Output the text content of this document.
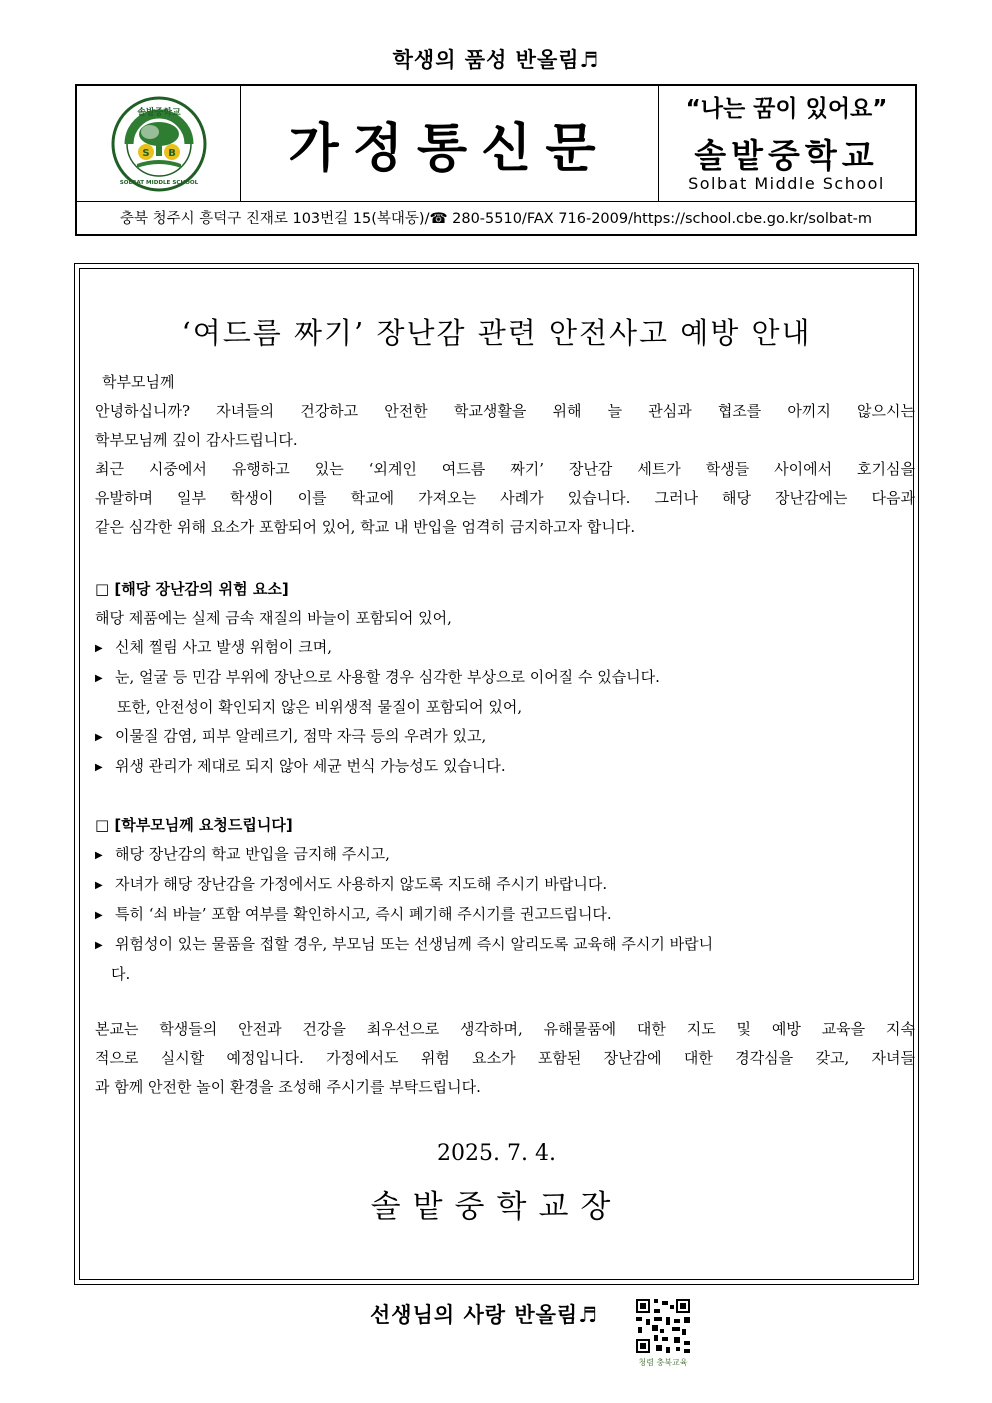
학생의 품성 반올림♬
솔밭중학교
S B
SOLBAT MIDDLE SCHOOL
가정통신문
“나는 꿈이 있어요”
솔밭중학교
Solbat Middle School
충북 청주시 흥덕구 진재로 103번길 15(복대동)/☎ 280-5510/FAX 716-2009/https://school.cbe.go.kr/solbat-m
‘여드름 짜기’ 장난감 관련 안전사고 예방 안내
학부모님께
안녕하십니까? 자녀들의 건강하고 안전한 학교생활을 위해 늘 관심과 협조를 아끼지 않으시는
학부모님께 깊이 감사드립니다.
최근 시중에서 유행하고 있는 ‘외계인 여드름 짜기’ 장난감 세트가 학생들 사이에서 호기심을
유발하며 일부 학생이 이를 학교에 가져오는 사례가 있습니다. 그러나 해당 장난감에는 다음과
같은 심각한 위해 요소가 포함되어 있어, 학교 내 반입을 엄격히 금지하고자 합니다.
□ [해당 장난감의 위험 요소]
해당 제품에는 실제 금속 재질의 바늘이 포함되어 있어,
▶ 신체 찔림 사고 발생 위험이 크며,
▶ 눈, 얼굴 등 민감 부위에 장난으로 사용할 경우 심각한 부상으로 이어질 수 있습니다.
또한, 안전성이 확인되지 않은 비위생적 물질이 포함되어 있어,
▶ 이물질 감염, 피부 알레르기, 점막 자극 등의 우려가 있고,
▶ 위생 관리가 제대로 되지 않아 세균 번식 가능성도 있습니다.
□ [학부모님께 요청드립니다]
▶ 해당 장난감의 학교 반입을 금지해 주시고,
▶ 자녀가 해당 장난감을 가정에서도 사용하지 않도록 지도해 주시기 바랍니다.
▶ 특히 ‘쇠 바늘’ 포함 여부를 확인하시고, 즉시 폐기해 주시기를 권고드립니다.
▶ 위험성이 있는 물품을 접할 경우, 부모님 또는 선생님께 즉시 알리도록 교육해 주시기 바랍니
다.
본교는 학생들의 안전과 건강을 최우선으로 생각하며, 유해물품에 대한 지도 및 예방 교육을 지속
적으로 실시할 예정입니다. 가정에서도 위험 요소가 포함된 장난감에 대한 경각심을 갖고, 자녀들
과 함께 안전한 놀이 환경을 조성해 주시기를 부탁드립니다.
2025. 7. 4.
솔밭중학교장
선생님의 사랑 반올림♬
청렴 충북교육
